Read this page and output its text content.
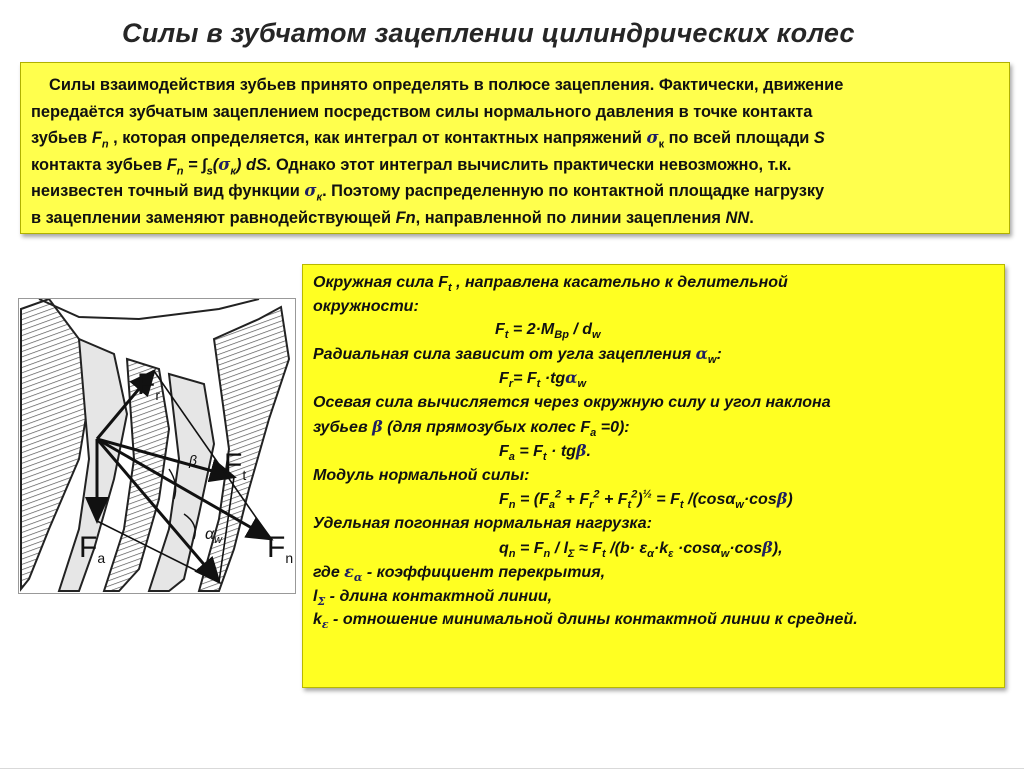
Силы в зубчатом зацеплении цилиндрических колес
Силы взаимодействия зубьев принято определять в полюсе зацепления. Фактически, движение
передаётся зубчатым зацеплением посредством силы нормального давления в точке контакта
зубьев $F_n$ , которая определяется, как интеграл от контактных напряжений $\sigma_к$ по всей площади S
контакта зубьев $F_n = \int_s(\sigma_к)$ dS. Однако этот интеграл вычислить практически невозможно, т.к.
неизвестен точный вид функции $\sigma_к$. Поэтому распределенную по контактной площадке нагрузку
в зацеплении заменяют равнодействующей Fn, направленной по линии зацепления NN.
$F_r$
$F_t$
$F_a$	$F_n$
β
$\alpha_w$
Окружная сила $F_t$ , направлена касательно к делительной
окружности:
$F_t = 2\cdot M_{Bp} / d_w$
Радиальная сила зависит от угла зацепления $\alpha_w$:
$F_r= F_t \cdot tg\alpha_w$
Осевая сила вычисляется через окружную силу и угол наклона
зубьев β (для прямозубых колес $F_a =0$):
$F_a = F_t \cdot tg\beta$.
Модуль нормальной силы:
$F_n = (F_a^2 + F_r^2 + F_t^2)^{\frac{1}{2}} = F_t$ /(cosα$_w$·cosβ)
Удельная погонная нормальная нагрузка:
$q_n = F_n / l_\Sigma \approx F_t$ $/(b\cdot \varepsilon_\alpha\cdot k_\varepsilon \cdot\cos\alpha_w\cdot\cos\beta)$,
где $\varepsilon_\alpha$ - коэффициент перекрытия,
$l_\Sigma$ - длина контактной линии,
$k_\varepsilon$ - отношение минимальной длины контактной линии к средней.
